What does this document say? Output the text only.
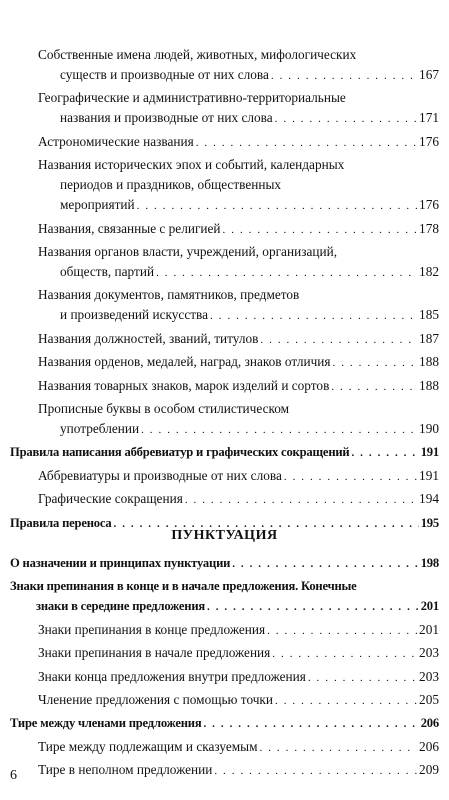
Собственные имена людей, животных, мифологических
существ и производные от них слова . . .	167
Географические и административно-территориальные
названия и производные от них слова . . .	171
Астрономические названия . . .	176
Названия исторических эпох и событий, календарных
периодов и праздников, общественных
мероприятий . . .	176
Названия, связанные с религией . . .	178
Названия органов власти, учреждений, организаций,
обществ, партий . . .	182
Названия документов, памятников, предметов
и произведений искусства . . .	185
Названия должностей, званий, титулов . . .	187
Названия орденов, медалей, наград, знаков отличия . . .	188
Названия товарных знаков, марок изделий и сортов . . .	188
Прописные буквы в особом стилистическом
употреблении . . .	190
Правила написания аббревиатур и графических сокращений . . .	191
Аббревиатуры и производные от них слова . . .	191
Графические сокращения . . .	194
Правила переноса . . .	195
О назначении и принципах пунктуации . . .	198
Знаки препинания в конце и в начале предложения. Конечные
знаки в середине предложения . . .	201
Знаки препинания в конце предложения . . .	201
Знаки препинания в начале предложения . . .	203
Знаки конца предложения внутри предложения . . .	203
Членение предложения с помощью точки . . .	205
Тире между членами предложения . . .	206
Тире между подлежащим и сказуемым . . .	206
Тире в неполном предложении . . .	209
ПУНКТУАЦИЯ
6
